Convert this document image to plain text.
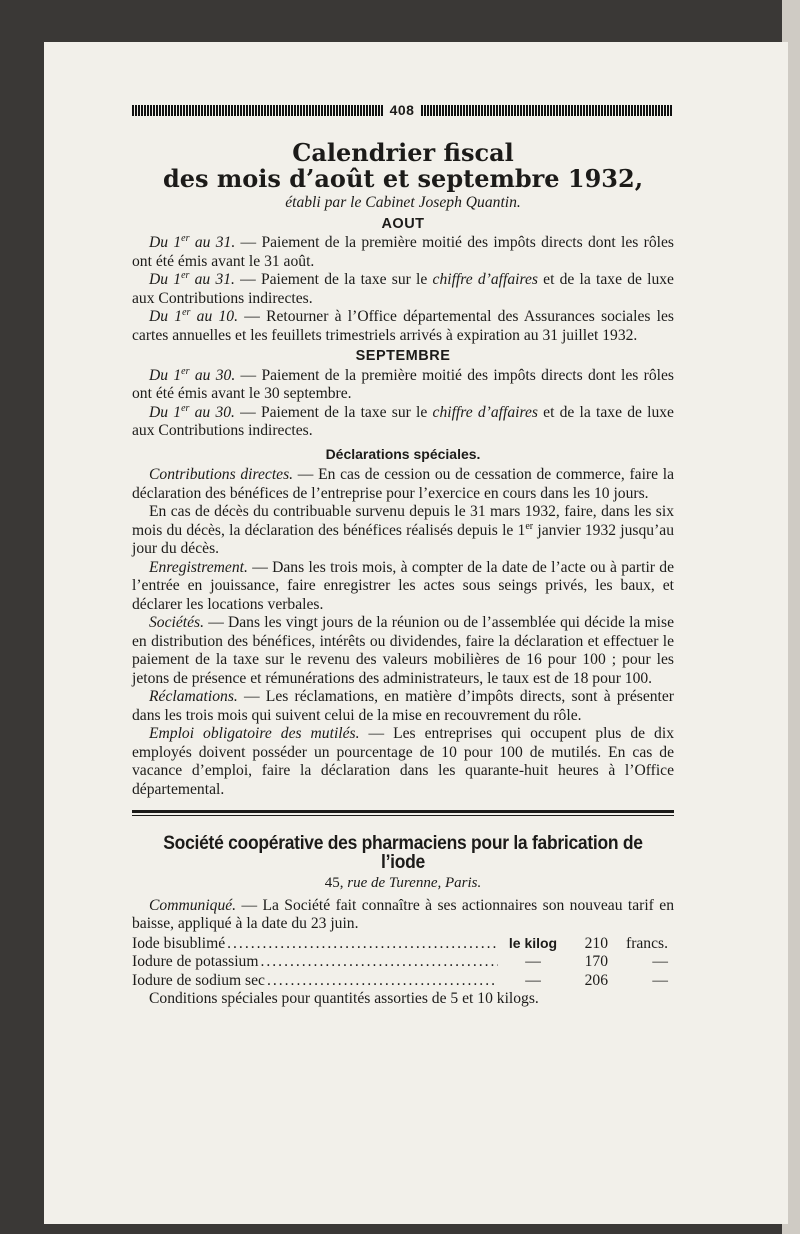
408
Calendrier fiscal
des mois d’août et septembre 1932,
établi par le Cabinet Joseph Quantin.
AOUT

Du 1er au 31. — Paiement de la première moitié des impôts directs dont les rôles ont été émis avant le 31 août.

Du 1er au 31. — Paiement de la taxe sur le chiffre d’affaires et de la taxe de luxe aux Contributions indirectes.

Du 1er au 10. — Retourner à l’Office départemental des Assurances sociales les cartes annuelles et les feuillets trimestriels arrivés à expiration au 31 juillet 1932.

SEPTEMBRE

Du 1er au 30. — Paiement de la première moitié des impôts directs dont les rôles ont été émis avant le 30 septembre.

Du 1er au 30. — Paiement de la taxe sur le chiffre d’affaires et de la taxe de luxe aux Contributions indirectes.

Déclarations spéciales.

Contributions directes. — En cas de cession ou de cessation de commerce, faire la déclaration des bénéfices de l’entreprise pour l’exercice en cours dans les 10 jours.

En cas de décès du contribuable survenu depuis le 31 mars 1932, faire, dans les six mois du décès, la déclaration des bénéfices réalisés depuis le 1er janvier 1932 jusqu’au jour du décès.

Enregistrement. — Dans les trois mois, à compter de la date de l’acte ou à partir de l’entrée en jouissance, faire enregistrer les actes sous seings privés, les baux, et déclarer les locations verbales.

Sociétés. — Dans les vingt jours de la réunion ou de l’assemblée qui décide la mise en distribution des bénéfices, intérêts ou dividendes, faire la déclaration et effectuer le paiement de la taxe sur le revenu des valeurs mobilières de 16 pour 100 ; pour les jetons de présence et rémunérations des administrateurs, le taux est de 18 pour 100.

Réclamations. — Les réclamations, en matière d’impôts directs, sont à présenter dans les trois mois qui suivent celui de la mise en recouvrement du rôle.

Emploi obligatoire des mutilés. — Les entreprises qui occupent plus de dix employés doivent posséder un pourcentage de 10 pour 100 de mutilés. En cas de vacance d’emploi, faire la déclaration dans les quarante-huit heures à l’Office départemental.

Société coopérative des pharmaciens pour la fabrication de l’iode
45, rue de Turenne, Paris.

Communiqué. — La Société fait connaître à ses actionnaires son nouveau tarif en baisse, appliqué à la date du 23 juin.

Iode bisublimé .....	le kilog	210	francs.
Iodure de potassium .....	—	170	—
Iodure de sodium sec .....	—	206	—

Conditions spéciales pour quantités assorties de 5 et 10 kilogs.
